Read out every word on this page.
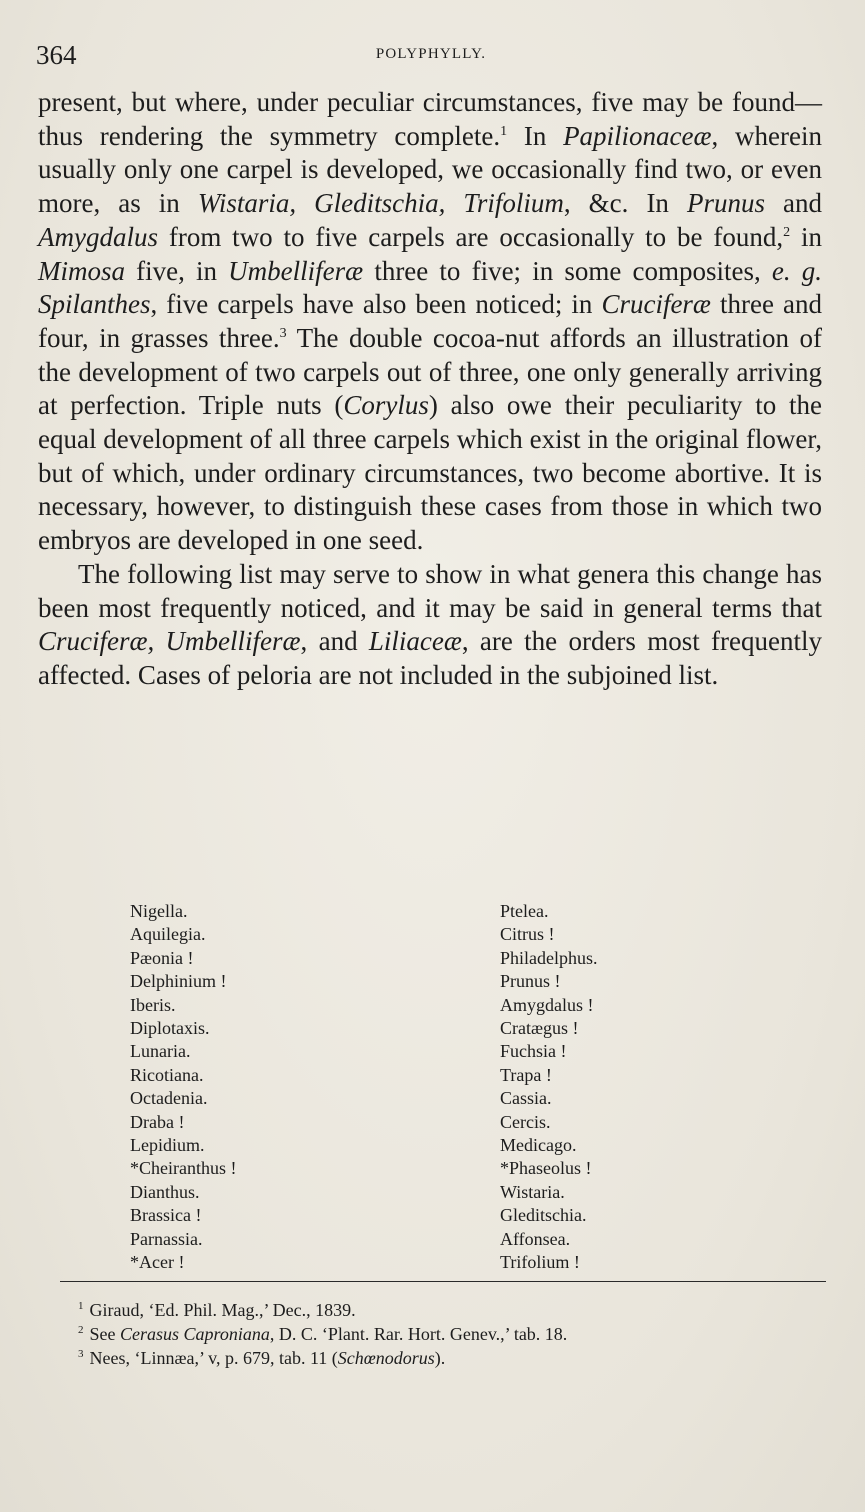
364	POLYPHYLLY.

present, but where, under peculiar circumstances, five may be found—thus rendering the symmetry complete.$^1$ In Papilionaceæ, wherein usually only one carpel is developed, we occasionally find two, or even more, as in Wistaria, Gleditschia, Trifolium, &c. In Prunus and Amygdalus from two to five carpels are occasionally to be found,$^2$ in Mimosa five, in Umbelliferæ three to five; in some composites, e. g. Spilanthes, five carpels have also been noticed; in Cruciferæ three and four, in grasses three.$^3$ The double cocoa-nut affords an illustration of the development of two carpels out of three, one only generally arriving at perfection. Triple nuts (Corylus) also owe their peculiarity to the equal development of all three carpels which exist in the original flower, but of which, under ordinary circumstances, two become abortive. It is necessary, however, to distinguish these cases from those in which two embryos are developed in one seed.

The following list may serve to show in what genera this change has been most frequently noticed, and it may be said in general terms that Cruciferæ, Umbelliferæ, and Liliaceæ, are the orders most frequently affected. Cases of peloria are not included in the subjoined list.

Nigella.
Aquilegia.
Pæonia !
Delphinium !
Iberis.
Diplotaxis.
Lunaria.
Ricotiana.
Octadenia.
Draba !
Lepidium.
*Cheiranthus !
Dianthus.
Brassica !
Parnassia.
*Acer !
Ptelea.
Citrus !
Philadelphus.
Prunus !
Amygdalus !
Cratægus !
Fuchsia !
Trapa !
Cassia.
Cercis.
Medicago.
*Phaseolus !
Wistaria.
Gleditschia.
Affonsea.
Trifolium !
$^1$ Giraud, ‘Ed. Phil. Mag.,’ Dec., 1839.
$^2$ See Cerasus Caproniana, D. C. ‘Plant. Rar. Hort. Genev.,’ tab. 18.
$^3$ Nees, ‘Linnæa,’ v, p. 679, tab. 11 (Schœnodorus).
